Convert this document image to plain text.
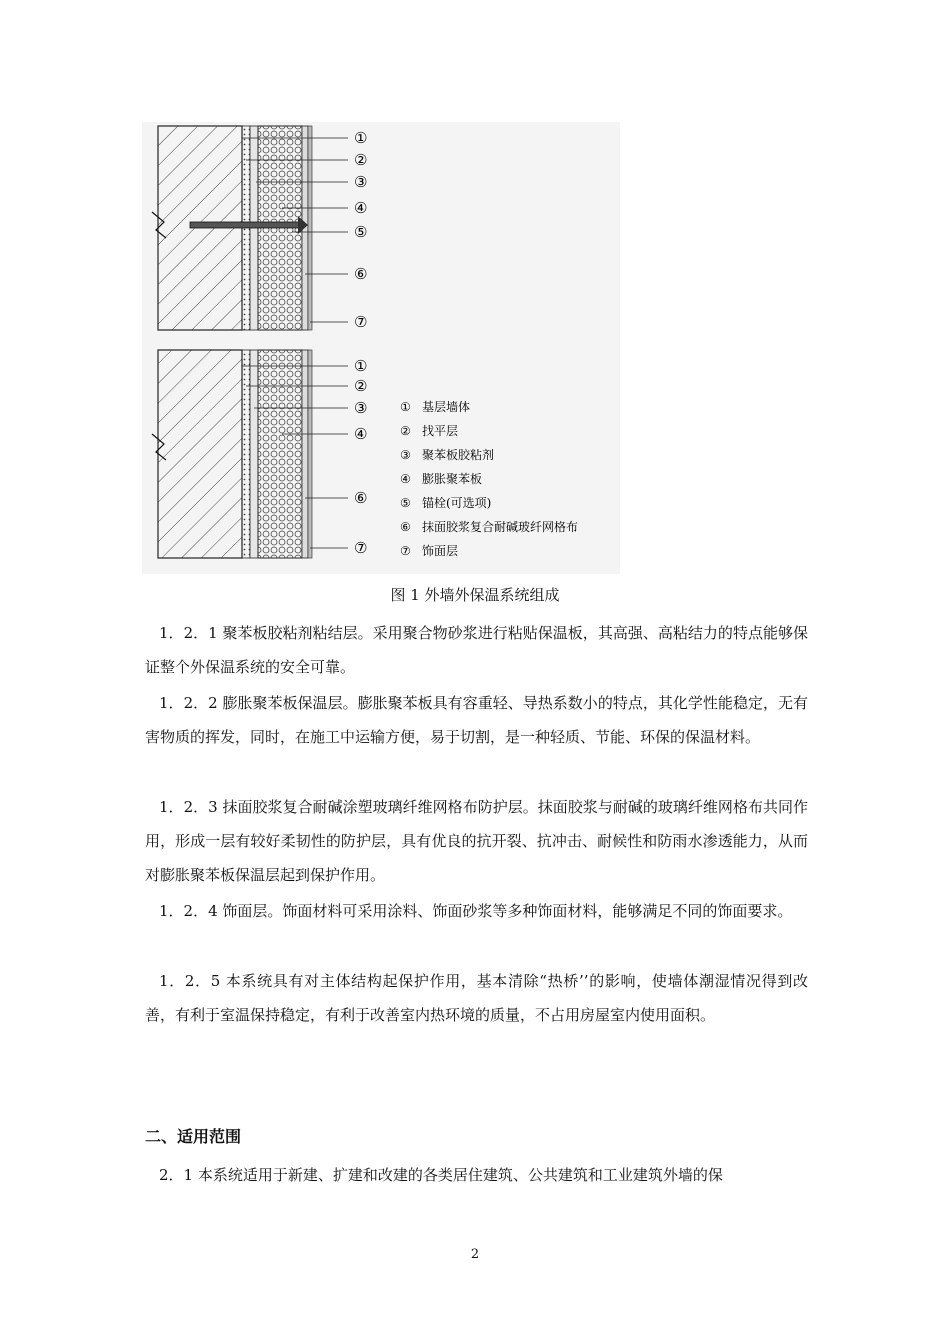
①
②
③
④
⑤
⑥
⑦
①
②
③
④
⑥
⑦
① 基层墙体
② 找平层
③ 聚苯板胶粘剂
④ 膨胀聚苯板
⑤ 锚栓(可选项)
⑥ 抹面胶浆复合耐碱玻纤网格布
⑦ 饰面层
图 1 外墙外保温系统组成

1．2．1 聚苯板胶粘剂粘结层。采用聚合物砂浆进行粘贴保温板，其高强、高粘结力的特点能够保证整个外保温系统的安全可靠。

1．2．2 膨胀聚苯板保温层。膨胀聚苯板具有容重轻、导热系数小的特点，其化学性能稳定，无有害物质的挥发，同时，在施工中运输方便，易于切割，是一种轻质、节能、环保的保温材料。

1．2．3 抹面胶浆复合耐碱涂塑玻璃纤维网格布防护层。抹面胶浆与耐碱的玻璃纤维网格布共同作用，形成一层有较好柔韧性的防护层，具有优良的抗开裂、抗冲击、耐候性和防雨水渗透能力，从而对膨胀聚苯板保温层起到保护作用。

1．2．4 饰面层。饰面材料可采用涂料、饰面砂浆等多种饰面材料，能够满足不同的饰面要求。

1．2．5 本系统具有对主体结构起保护作用，基本清除“热桥’’的影响，使墙体潮湿情况得到改善，有利于室温保持稳定，有利于改善室内热环境的质量，不占用房屋室内使用面积。

二、适用范围

2．1 本系统适用于新建、扩建和改建的各类居住建筑、公共建筑和工业建筑外墙的保

2
